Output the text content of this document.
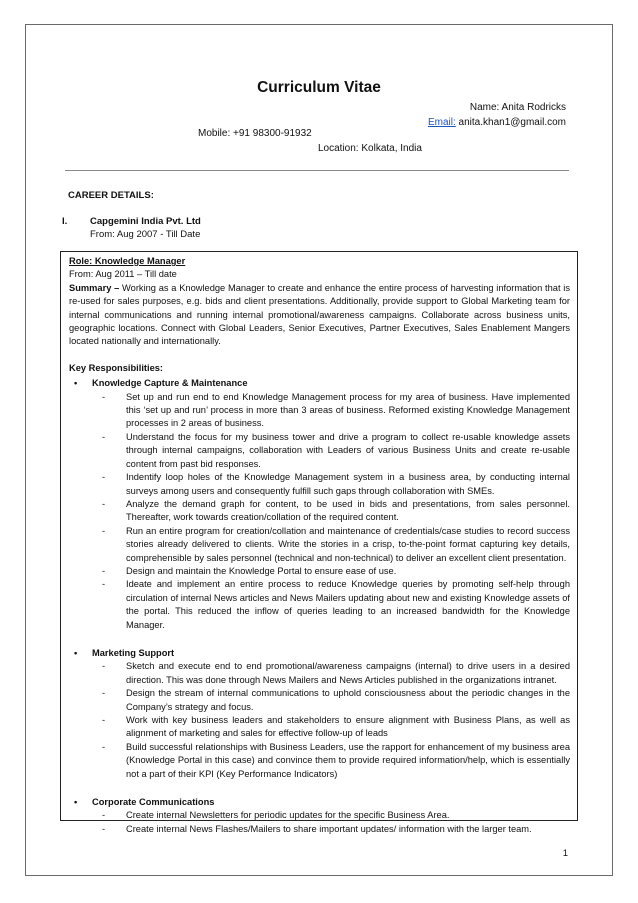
Curriculum Vitae
Name: Anita Rodricks
Email: anita.khan1@gmail.com
Mobile: +91 98300-91932
Location: Kolkata, India
CAREER DETAILS:
I. Capgemini India Pvt. Ltd
From: Aug 2007 - Till Date
Role: Knowledge Manager
From: Aug 2011 – Till date
Summary – Working as a Knowledge Manager to create and enhance the entire process of harvesting information that is re-used for sales purposes, e.g. bids and client presentations. Additionally, provide support to Global Marketing team for internal communications and running internal promotional/awareness campaigns. Collaborate across business units, geographic locations. Connect with Global Leaders, Senior Executives, Partner Executives, Sales Enablement Mangers located nationally and internationally.
Key Responsibilities:
• Knowledge Capture & Maintenance
- Set up and run end to end Knowledge Management process for my area of business. Have implemented this ‘set up and run’ process in more than 3 areas of business. Reformed existing Knowledge Management processes in 2 areas of business.
- Understand the focus for my business tower and drive a program to collect re-usable knowledge assets through internal campaigns, collaboration with Leaders of various Business Units and create re-usable content from past bid responses.
- Indentify loop holes of the Knowledge Management system in a business area, by conducting internal surveys among users and consequently fulfill such gaps through collaboration with SMEs.
- Analyze the demand graph for content, to be used in bids and presentations, from sales personnel. Thereafter, work towards creation/collation of the required content.
- Run an entire program for creation/collation and maintenance of credentials/case studies to record success stories already delivered to clients. Write the stories in a crisp, to-the-point format capturing key details, comprehensible by sales personnel (technical and non-technical) to deliver an excellent client presentation.
- Design and maintain the Knowledge Portal to ensure ease of use.
- Ideate and implement an entire process to reduce Knowledge queries by promoting self-help through circulation of internal News articles and News Mailers updating about new and existing Knowledge assets of the portal. This reduced the inflow of queries leading to an increased bandwidth for the Knowledge Manager.
• Marketing Support
- Sketch and execute end to end promotional/awareness campaigns (internal) to drive users in a desired direction. This was done through News Mailers and News Articles published in the organizations intranet.
- Design the stream of internal communications to uphold consciousness about the periodic changes in the Company’s strategy and focus.
- Work with key business leaders and stakeholders to ensure alignment with Business Plans, as well as alignment of marketing and sales for effective follow-up of leads
- Build successful relationships with Business Leaders, use the rapport for enhancement of my business area (Knowledge Portal in this case) and convince them to provide required information/help, which is essentially not a part of their KPI (Key Performance Indicators)
• Corporate Communications
- Create internal Newsletters for periodic updates for the specific Business Area.
- Create internal News Flashes/Mailers to share important updates/ information with the larger team.
1
